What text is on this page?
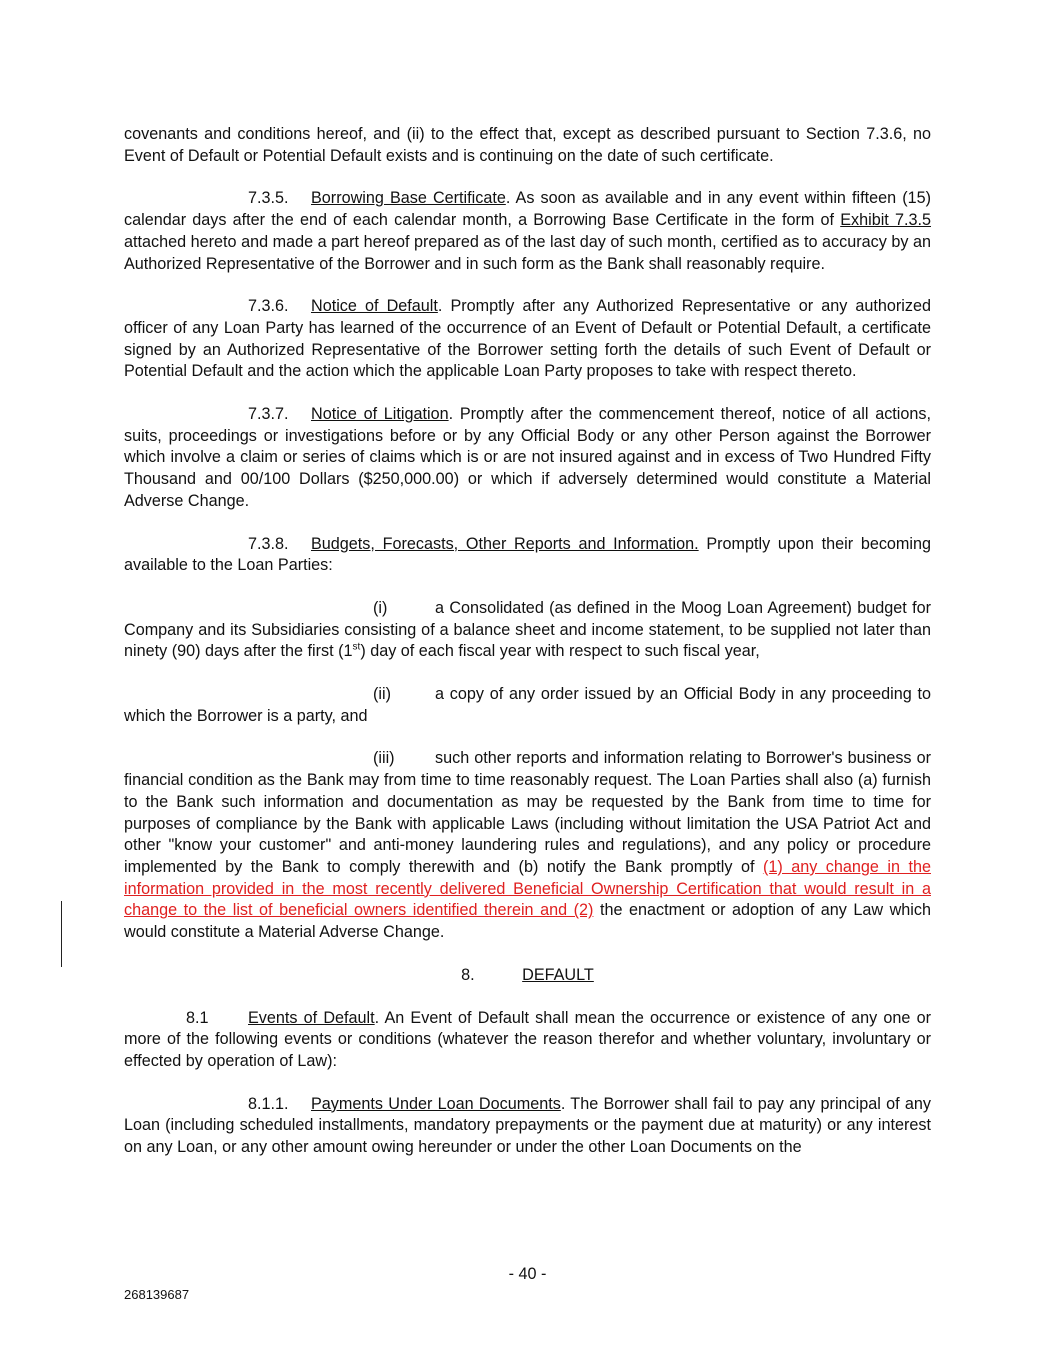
covenants and conditions hereof, and (ii) to the effect that, except as described pursuant to Section 7.3.6, no Event of Default or Potential Default exists and is continuing on the date of such certificate.

7.3.5. Borrowing Base Certificate. As soon as available and in any event within fifteen (15) calendar days after the end of each calendar month, a Borrowing Base Certificate in the form of Exhibit 7.3.5 attached hereto and made a part hereof prepared as of the last day of such month, certified as to accuracy by an Authorized Representative of the Borrower and in such form as the Bank shall reasonably require.

7.3.6. Notice of Default. Promptly after any Authorized Representative or any authorized officer of any Loan Party has learned of the occurrence of an Event of Default or Potential Default, a certificate signed by an Authorized Representative of the Borrower setting forth the details of such Event of Default or Potential Default and the action which the applicable Loan Party proposes to take with respect thereto.

7.3.7. Notice of Litigation. Promptly after the commencement thereof, notice of all actions, suits, proceedings or investigations before or by any Official Body or any other Person against the Borrower which involve a claim or series of claims which is or are not insured against and in excess of Two Hundred Fifty Thousand and 00/100 Dollars ($250,000.00) or which if adversely determined would constitute a Material Adverse Change.

7.3.8. Budgets, Forecasts, Other Reports and Information. Promptly upon their becoming available to the Loan Parties:

(i)	a Consolidated (as defined in the Moog Loan Agreement) budget for Company and its Subsidiaries consisting of a balance sheet and income statement, to be supplied not later than ninety (90) days after the first (1st) day of each fiscal year with respect to such fiscal year,

(ii)	a copy of any order issued by an Official Body in any proceeding to which the Borrower is a party, and

(iii) such other reports and information relating to Borrower's business or financial condition as the Bank may from time to time reasonably request. The Loan Parties shall also (a) furnish to the Bank such information and documentation as may be requested by the Bank from time to time for purposes of compliance by the Bank with applicable Laws (including without limitation the USA Patriot Act and other "know your customer" and anti-money laundering rules and regulations), and any policy or procedure implemented by the Bank to comply therewith and (b) notify the Bank promptly of (1) any change in the information provided in the most recently delivered Beneficial Ownership Certification that would result in a change to the list of beneficial owners identified therein and (2) the enactment or adoption of any Law which would constitute a Material Adverse Change.

8.	DEFAULT

8.1 Events of Default. An Event of Default shall mean the occurrence or existence of any one or more of the following events or conditions (whatever the reason therefor and whether voluntary, involuntary or effected by operation of Law):

8.1.1. Payments Under Loan Documents. The Borrower shall fail to pay any principal of any Loan (including scheduled installments, mandatory prepayments or the payment due at maturity) or any interest on any Loan, or any other amount owing hereunder or under the other Loan Documents on the

- 40 -
268139687
